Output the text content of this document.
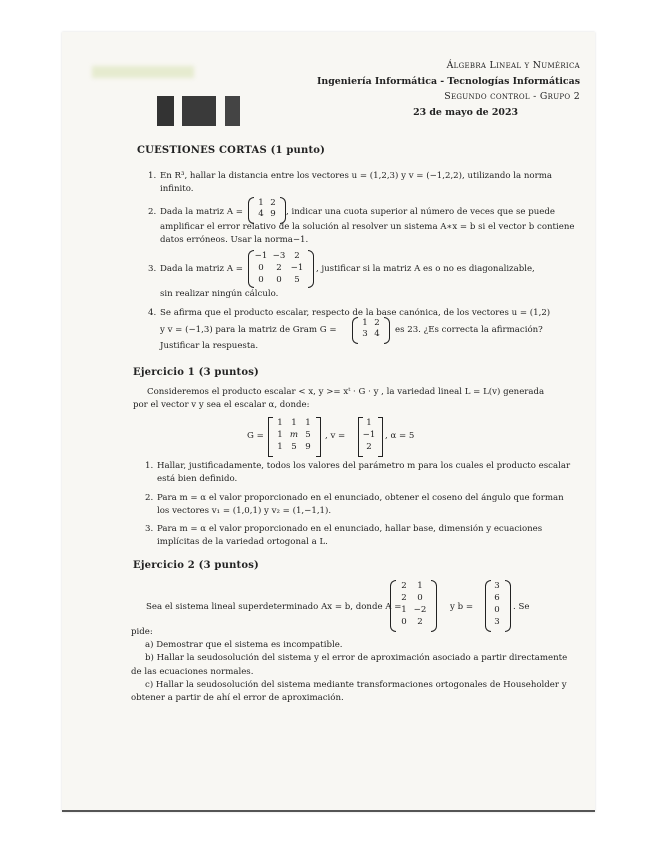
Álgebra Lineal y Numérica
Ingeniería Informática - Tecnologías Informáticas
Segundo control - Grupo 2
23 de mayo de 2023
CUESTIONES CORTAS (1 punto)
1. En R³, hallar la distancia entre los vectores u = (1,2,3) y v = (−1,2,2), utilizando la norma
infinito.
2. Dada la matriz A =
1 2
4 9	, indicar una cuota superior al número de veces que se puede
amplificar el error relativo de la solución al resolver un sistema A∗x = b si el vector b contiene
datos erróneos. Usar la norma−1.
3. Dada la matriz A =
−1 −3	2
0	2	−1
0	0	5
, justificar si la matriz A es o no es diagonalizable,
sin realizar ningún cálculo.
4. Se afirma que el producto escalar, respecto de la base canónica, de los vectores u = (1,2)
y v = (−1,3) para la matriz de Gram G =
1 2
3 4	es 23. ¿Es correcta la afirmación?
Justificar la respuesta.
Ejercicio 1 (3 puntos)
Consideremos el producto escalar < x, y >= xᵗ · G · y , la variedad lineal L = L(v) generada
por el vector v y sea el escalar α, donde:
G =
1 1 1
1 m 5
1 5 9
, v =
1
−1
2
, α = 5
1. Hallar, justificadamente, todos los valores del parámetro m para los cuales el producto escalar
está bien definido.
2. Para m = α el valor proporcionado en el enunciado, obtener el coseno del ángulo que forman
los vectores v₁ = (1,0,1) y v₂ = (1,−1,1).
3. Para m = α el valor proporcionado en el enunciado, hallar base, dimensión y ecuaciones
implícitas de la variedad ortogonal a L.
Ejercicio 2 (3 puntos)
Sea el sistema lineal superdeterminado Ax = b, donde A =
2	1
2	0
1 −2
0	2
y b =
3
6
0
3
. Se
pide:
a) Demostrar que el sistema es incompatible.
b) Hallar la seudosolución del sistema y el error de aproximación asociado a partir directamente
de las ecuaciones normales.
c) Hallar la seudosolución del sistema mediante transformaciones ortogonales de Householder y
obtener a partir de ahí el error de aproximación.
